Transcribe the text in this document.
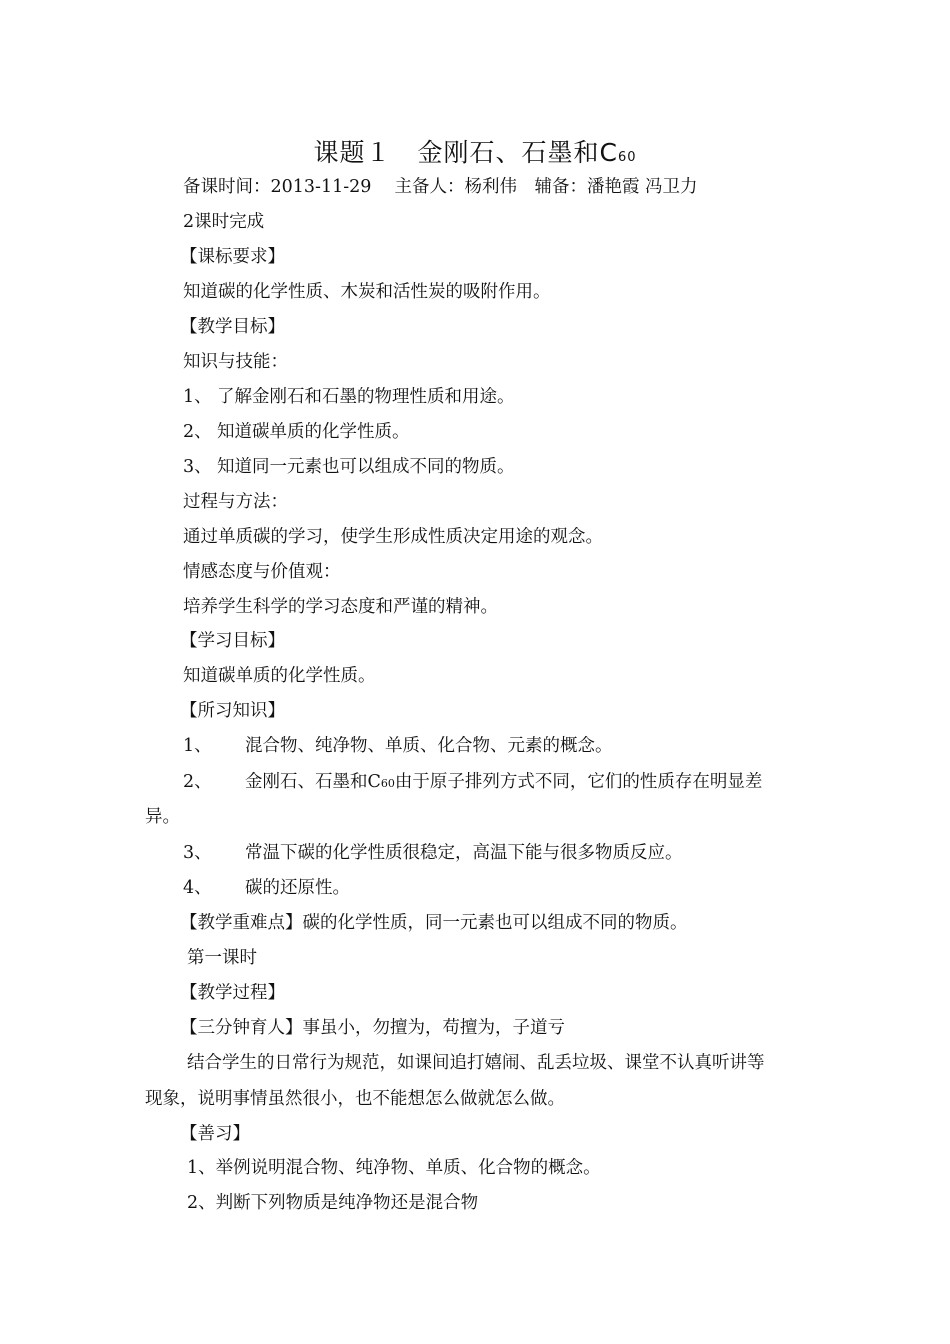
课题１　金刚石、石墨和C60
备课时间：2013-11-29　 主备人：杨利伟　辅备：潘艳霞 冯卫力
2课时完成
【课标要求】
知道碳的化学性质、木炭和活性炭的吸附作用。
【教学目标】
知识与技能：
1、 了解金刚石和石墨的物理性质和用途。
2、 知道碳单质的化学性质。
3、 知道同一元素也可以组成不同的物质。
过程与方法：
通过单质碳的学习，使学生形成性质决定用途的观念。
情感态度与价值观：
培养学生科学的学习态度和严谨的精神。
【学习目标】
知道碳单质的化学性质。
【所习知识】
1、 混合物、纯净物、单质、化合物、元素的概念。
2、 金刚石、石墨和C60由于原子排列方式不同，它们的性质存在明显差
异。
3、 常温下碳的化学性质很稳定，高温下能与很多物质反应。
4、 碳的还原性。
【教学重难点】碳的化学性质，同一元素也可以组成不同的物质。
第一课时
【教学过程】
【三分钟育人】事虽小，勿擅为，苟擅为，子道亏
结合学生的日常行为规范，如课间追打嬉闹、乱丢垃圾、课堂不认真听讲等
现象，说明事情虽然很小，也不能想怎么做就怎么做。
【善习】
1、举例说明混合物、纯净物、单质、化合物的概念。
2、判断下列物质是纯净物还是混合物
